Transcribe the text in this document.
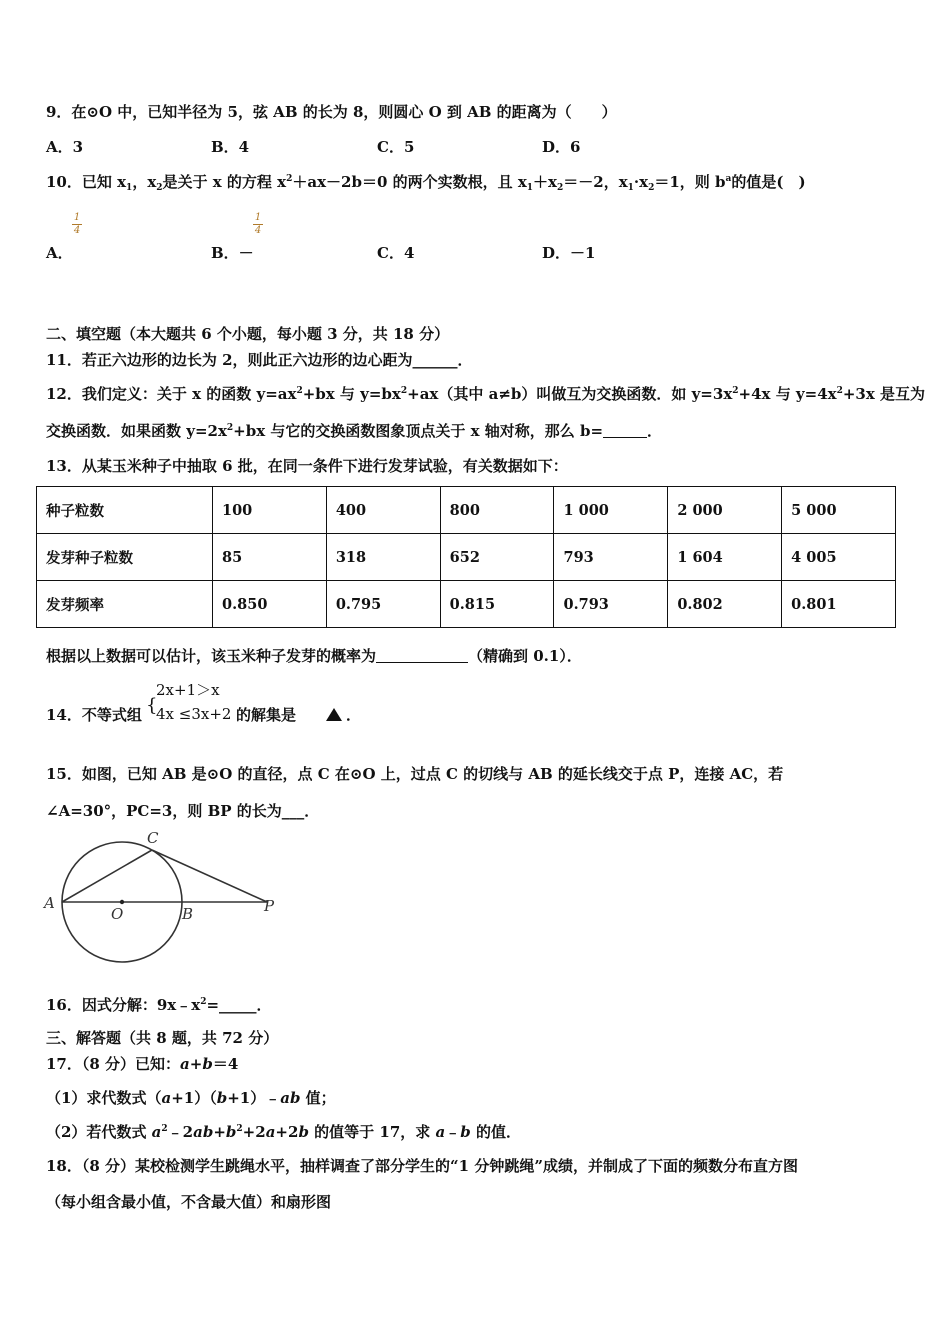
9．在⊙O 中，已知半径为 5，弦 AB 的长为 8，则圆心 O 到 AB 的距离为（　　）
A．3	B．4	C．5	D．6
10．已知 $x_1$，$x_2$是关于 x 的方程 $x^2+ax-2b=0$ 的两个实数根，且 $x_1+x_2=-2$，$x_1\cdot x_2=1$，则 $b^a$的值是(　)
1
4
1
4
A．	B．－	C．4	D．－1
二、填空题（本大题共 6 个小题，每小题 3 分，共 18 分）
11．若正六边形的边长为 2，则此正六边形的边心距为______．
12．我们定义：关于 x 的函数 $y=ax^2+bx$ 与 $y=bx^2+ax$（其中 a≠b）叫做互为交换函数．如 $y=3x^2+4x$ 与 $y=4x^2+3x$ 是互为
交换函数．如果函数 $y=2x^2+bx$ 与它的交换函数图象顶点关于 x 轴对称，那么 b=	．
13．从某玉米种子中抽取 6 批，在同一条件下进行发芽试验，有关数据如下：
种子粒数	100	400	800	1 000	2 000	5 000
发芽种子粒数	85	318	652	793	1 604	4 005
发芽频率	0.850	0.795	0.815	0.793	0.802	0.801
根据以上数据可以估计，该玉米种子发芽的概率为	（精确到 0.1）．
14．不等式组 {
2x+1＞x
4x ≤3x+2 的解集是	．
15．如图，已知 AB 是⊙O 的直径，点 C 在⊙O 上，过点 C 的切线与 AB 的延长线交于点 P，连接 AC，若
∠A=30°，PC=3，则 BP 的长为___．
A
O	B
C
P
16．因式分解：$9x﹣x^2=\_\_\_\_\_$．
三、解答题（共 8 题，共 72 分）
17．（8 分）已知：a+b＝4
（1）求代数式（a+1）（b+1）﹣ab 值；
（2）若代数式 $a^2﹣2ab+b^2+2a+2b$ 的值等于 17，求 a﹣b 的值．
18．（8 分）某校检测学生跳绳水平，抽样调查了部分学生的“1 分钟跳绳”成绩，并制成了下面的频数分布直方图
（每小组含最小值，不含最大值）和扇形图
